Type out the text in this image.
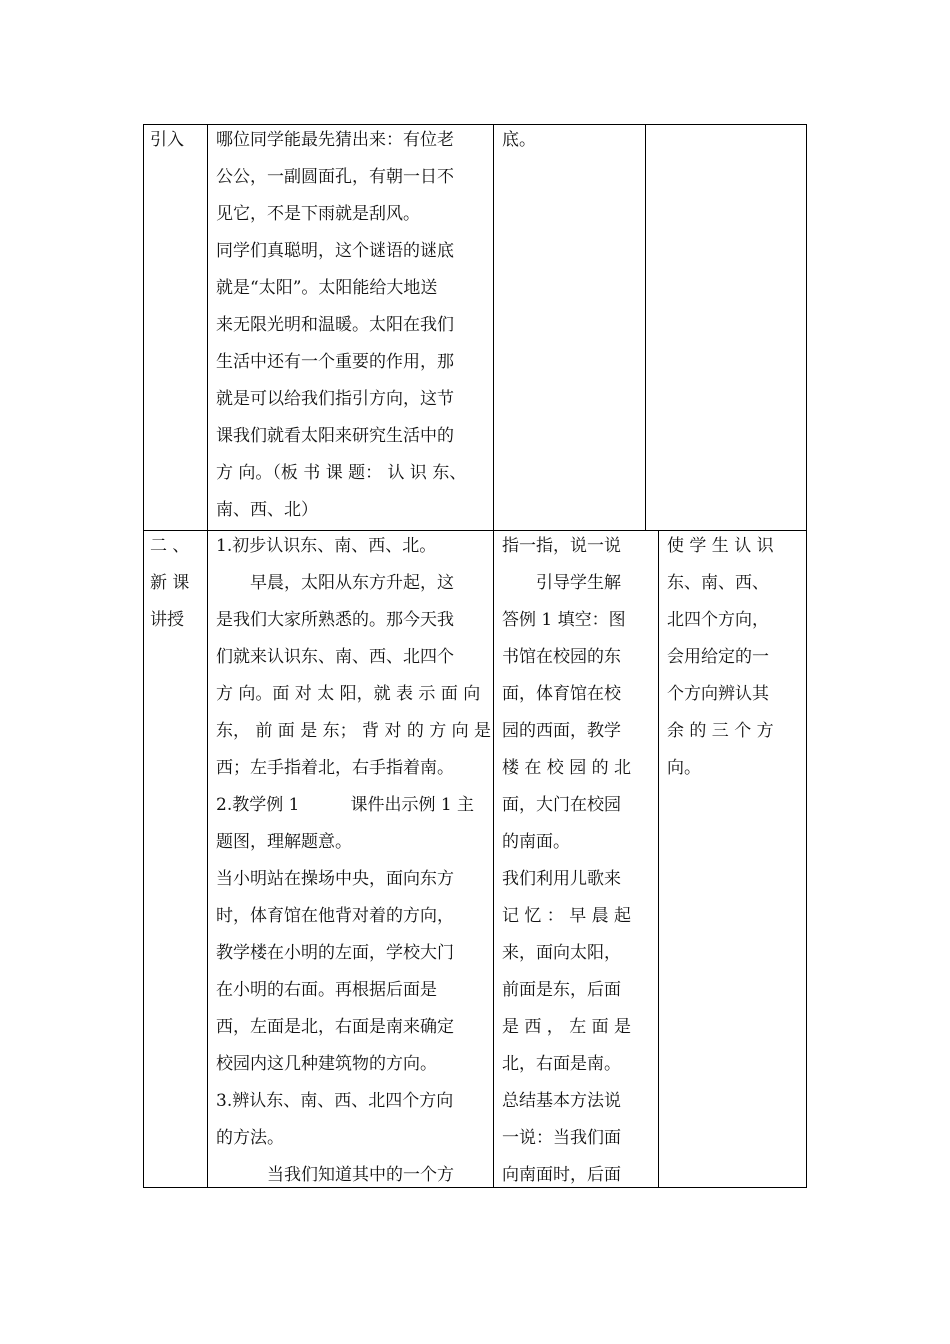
引入	哪位同学能最先猜出来：有位老

公公，一副圆面孔，有朝一日不

见它，不是下雨就是刮风。

同学们真聪明，这个谜语的谜底

就是“太阳”。太阳能给大地送

来无限光明和温暖。太阳在我们

生活中还有一个重要的作用，那

就是可以给我们指引方向，这节

课我们就看太阳来研究生活中的

方 向。（板 书 课 题： 认 识 东、

南、西、北）

底。

二 、

新 课

讲授

1.初步认识东、南、西、北。

　　早晨，太阳从东方升起，这

是我们大家所熟悉的。那今天我

们就来认识东、南、西、北四个

方 向。面 对 太 阳，就 表 示 面 向

东， 前 面 是 东； 背 对 的 方 向 是

西；左手指着北，右手指着南。

2.教学例 1　　　课件出示例 1 主

题图，理解题意。

当小明站在操场中央，面向东方

时，体育馆在他背对着的方向，

教学楼在小明的左面，学校大门

在小明的右面。再根据后面是

西，左面是北，右面是南来确定

校园内这几种建筑物的方向。

3.辨认东、南、西、北四个方向

的方法。

　　　当我们知道其中的一个方

指一指，说一说

　　引导学生解

答例 1 填空：图

书馆在校园的东

面，体育馆在校

园的西面，教学

楼 在 校 园 的 北

面，大门在校园

的南面。

我们利用儿歌来

记 忆 ： 早 晨 起

来，面向太阳，

前面是东，后面

是 西 ， 左 面 是

北，右面是南。

总结基本方法说

一说：当我们面

向南面时，后面

使 学 生 认 识

东、南、西、

北四个方向，

会用给定的一

个方向辨认其

余 的 三 个 方

向。
